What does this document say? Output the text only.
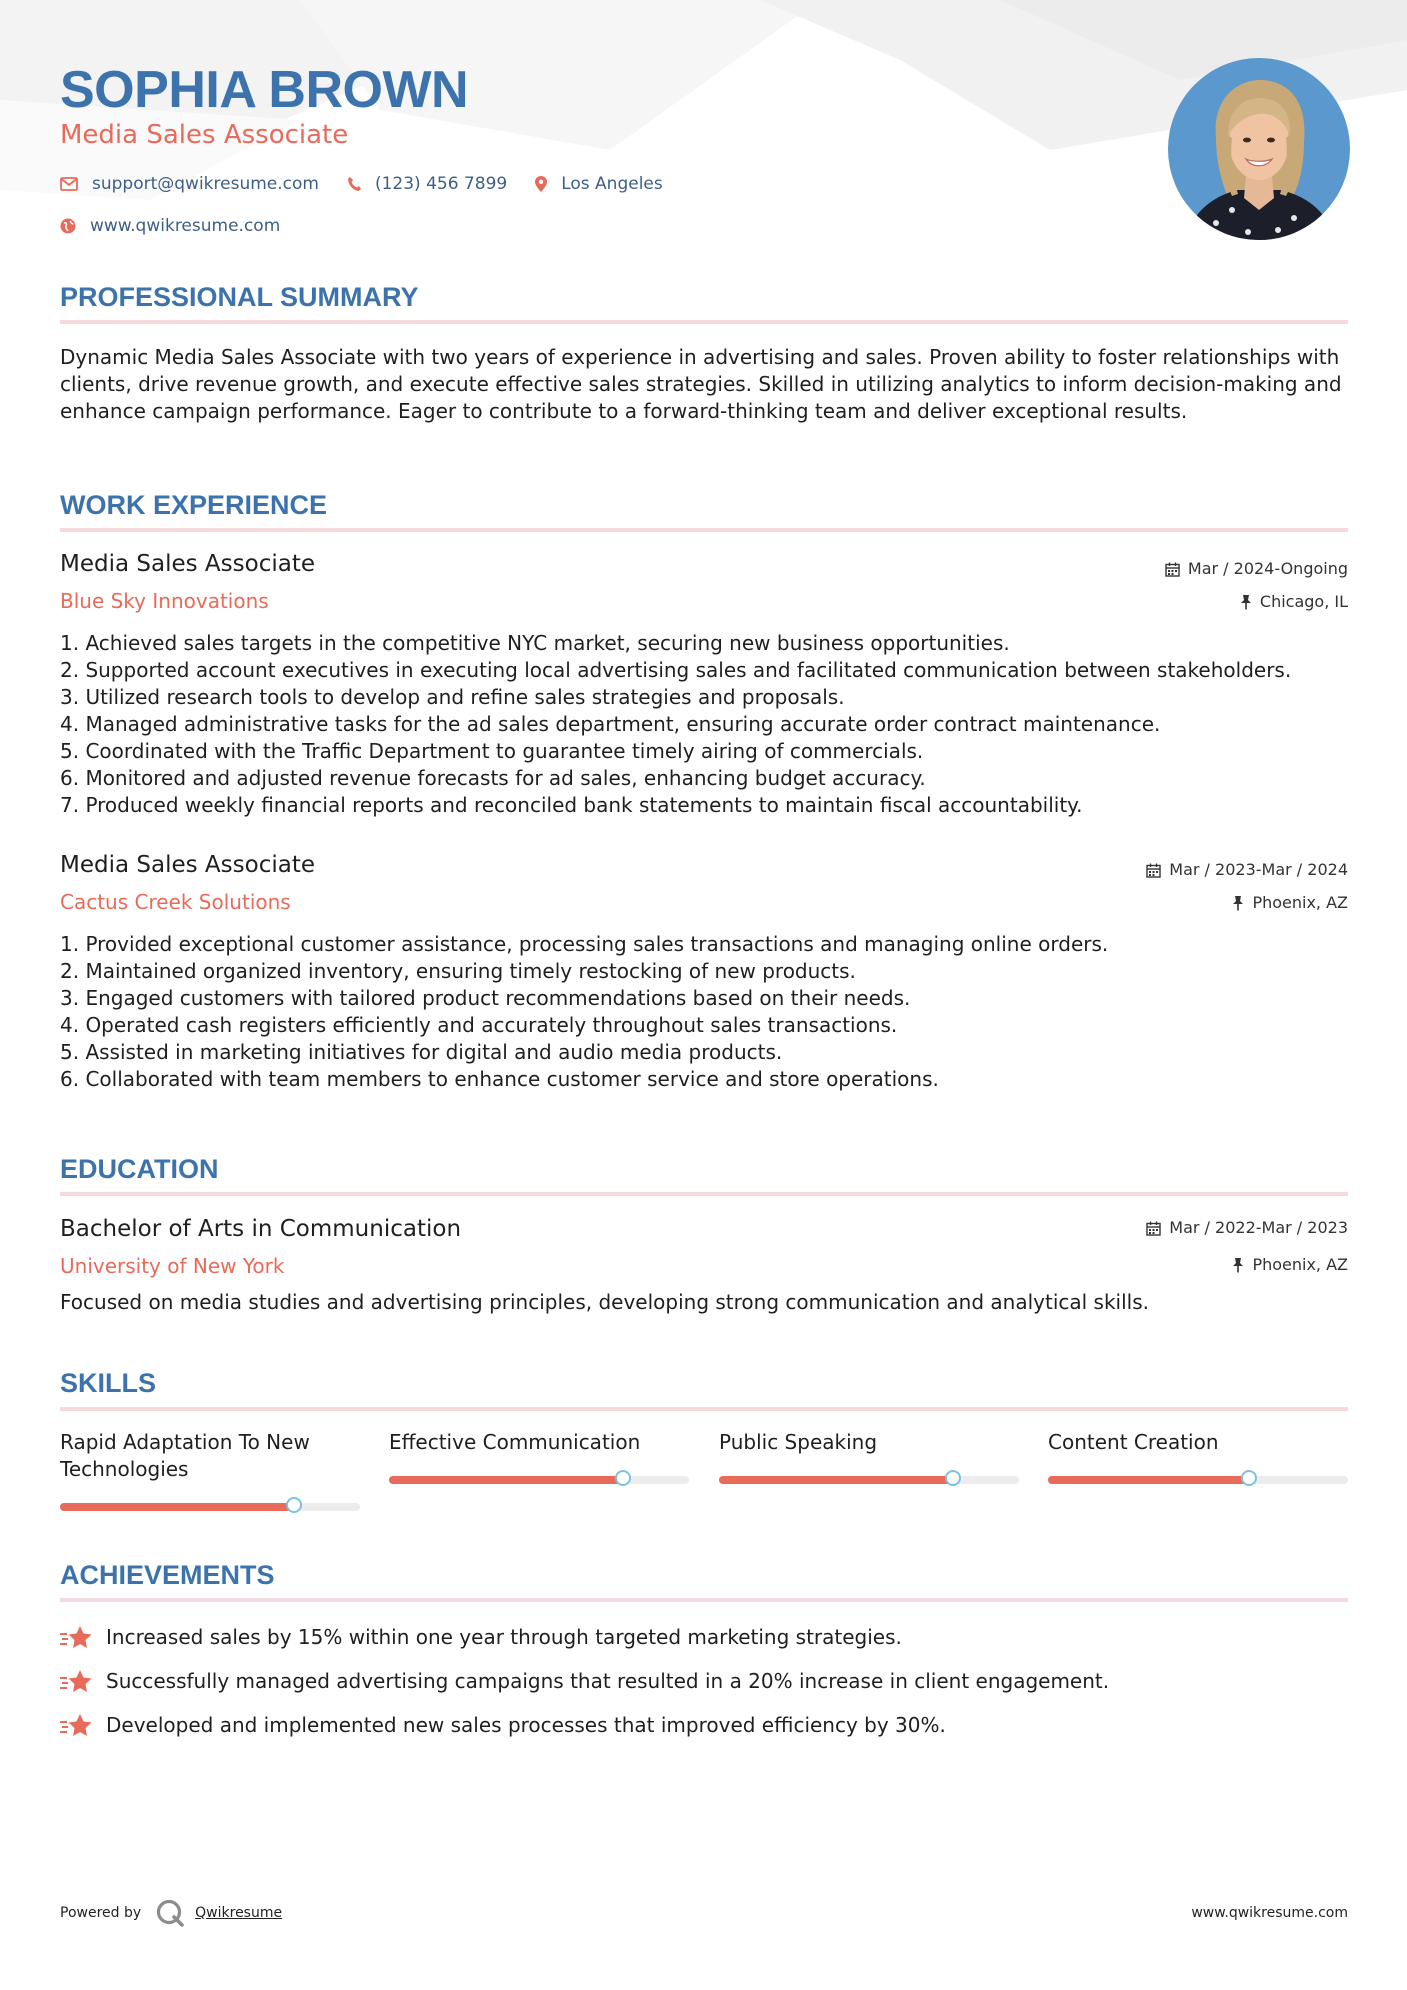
SOPHIA BROWN
Media Sales Associate
support@qwikresume.com	(123) 456 7899	Los Angeles
www.qwikresume.com
PROFESSIONAL SUMMARY
Dynamic Media Sales Associate with two years of experience in advertising and sales. Proven ability to foster relationships with clients, drive revenue growth, and execute effective sales strategies. Skilled in utilizing analytics to inform decision-making and enhance campaign performance. Eager to contribute to a forward-thinking team and deliver exceptional results.
WORK EXPERIENCE
Media Sales Associate	Mar / 2024-Ongoing
Blue Sky Innovations	Chicago, IL
1. Achieved sales targets in the competitive NYC market, securing new business opportunities.
2. Supported account executives in executing local advertising sales and facilitated communication between stakeholders.
3. Utilized research tools to develop and refine sales strategies and proposals.
4. Managed administrative tasks for the ad sales department, ensuring accurate order contract maintenance.
5. Coordinated with the Traffic Department to guarantee timely airing of commercials.
6. Monitored and adjusted revenue forecasts for ad sales, enhancing budget accuracy.
7. Produced weekly financial reports and reconciled bank statements to maintain fiscal accountability.
Media Sales Associate	Mar / 2023-Mar / 2024
Cactus Creek Solutions	Phoenix, AZ
1. Provided exceptional customer assistance, processing sales transactions and managing online orders.
2. Maintained organized inventory, ensuring timely restocking of new products.
3. Engaged customers with tailored product recommendations based on their needs.
4. Operated cash registers efficiently and accurately throughout sales transactions.
5. Assisted in marketing initiatives for digital and audio media products.
6. Collaborated with team members to enhance customer service and store operations.
EDUCATION
Bachelor of Arts in Communication	Mar / 2022-Mar / 2023
University of New York	Phoenix, AZ
Focused on media studies and advertising principles, developing strong communication and analytical skills.
SKILLS
Rapid Adaptation To New Technologies
Effective Communication	Public Speaking	Content Creation
ACHIEVEMENTS
Increased sales by 15% within one year through targeted marketing strategies.
Successfully managed advertising campaigns that resulted in a 20% increase in client engagement.
Developed and implemented new sales processes that improved efficiency by 30%.
Powered by	Qwikresume	www.qwikresume.com
